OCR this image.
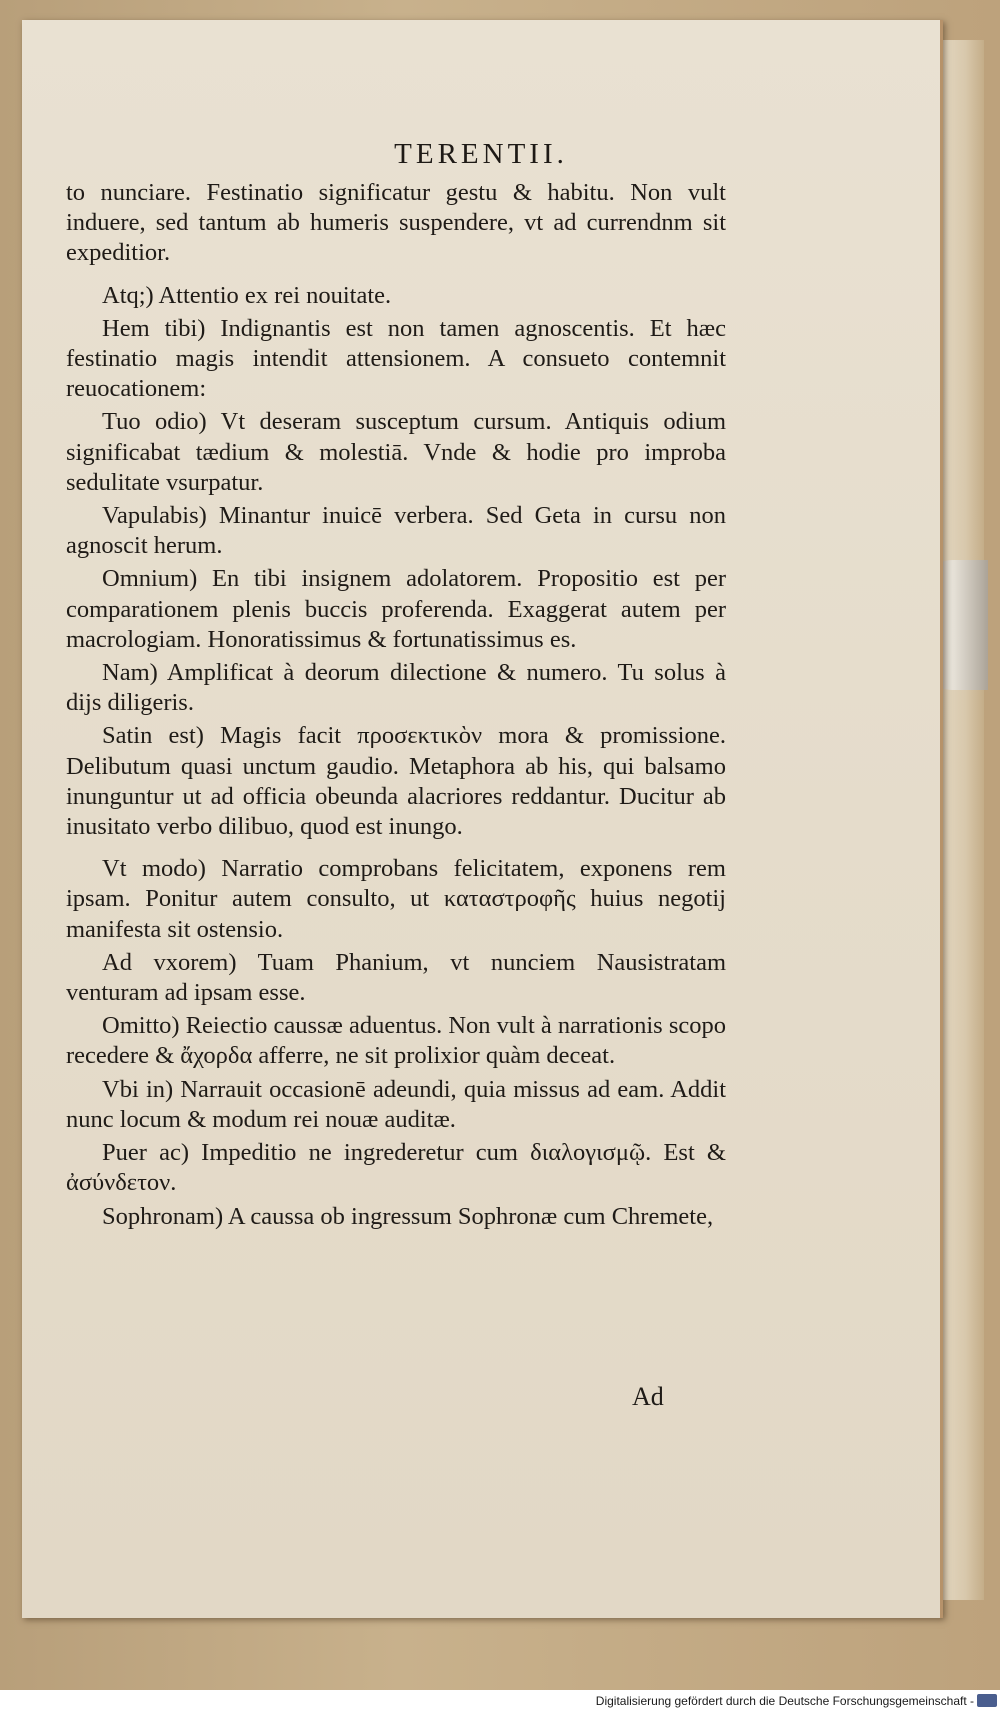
TERENTII.

to nunciare. Festinatio significatur gestu & habitu. Non vult induere, sed tantum ab humeris suspendere, vt ad currendnm sit expeditior.

Atq;) Attentio ex rei nouitate.

Hem tibi) Indignantis est non tamen agnoscentis. Et hæc festinatio magis intendit attensionem. A consueto contemnit reuocationem:

Tuo odio) Vt deseram susceptum cursum. Antiquis odium significabat tædium & molestiā. Vnde & hodie pro improba sedulitate vsurpatur.

Vapulabis) Minantur inuicē verbera. Sed Geta in cursu non agnoscit herum.

Omnium) En tibi insignem adolatorem. Propositio est per comparationem plenis buccis proferenda. Exaggerat autem per macrologiam. Honoratissimus & fortunatissimus es.

Nam) Amplificat à deorum dilectione & numero. Tu solus à dijs diligeris.

Satin est) Magis facit προσεκτικὸν mora & promissione. Delibutum quasi unctum gaudio. Metaphora ab his, qui balsamo inunguntur ut ad officia obeunda alacriores reddantur. Ducitur ab inusitato verbo dilibuo, quod est inungo.

Vt modo) Narratio comprobans felicitatem, exponens rem ipsam. Ponitur autem consulto, ut καταστροφῆς huius negotij manifesta sit ostensio.

Ad vxorem) Tuam Phanium, vt nunciem Nausistratam venturam ad ipsam esse.

Omitto) Reiectio caussæ aduentus. Non vult à narrationis scopo recedere & ἄχορδα afferre, ne sit prolixior quàm deceat.

Vbi in) Narrauit occasionē adeundi, quia missus ad eam. Addit nunc locum & modum rei nouæ auditæ.

Puer ac) Impeditio ne ingrederetur cum διαλογισμῷ. Est & ἀσύνδετον.

Sophronam) A caussa ob ingressum Sophronæ cum Chremete,

Ad
Digitalisierung gefördert durch die Deutsche Forschungsgemeinschaft -
